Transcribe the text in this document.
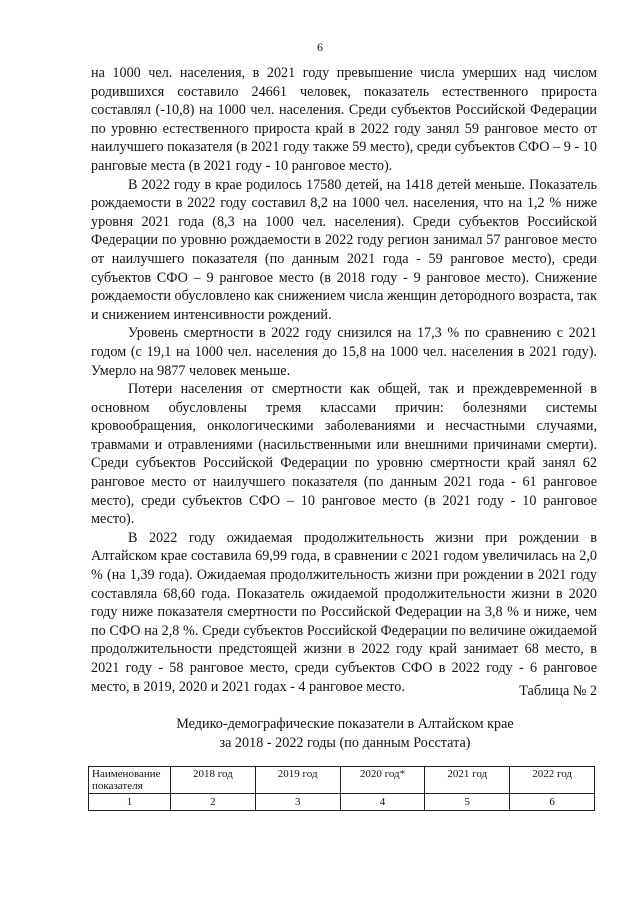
6

на 1000 чел. населения, в 2021 году превышение числа умерших над числом родившихся составило 24661 человек, показатель естественного прироста составлял (-10,8) на 1000 чел. населения. Среди субъектов Российской Федерации по уровню естественного прироста край в 2022 году занял 59 ранговое место от наилучшего показателя (в 2021 году также 59 место), среди субъектов СФО – 9 - 10 ранговые места (в 2021 году - 10 ранговое место).

В 2022 году в крае родилось 17580 детей, на 1418 детей меньше. Показатель рождаемости в 2022 году составил 8,2 на 1000 чел. населения, что на 1,2 % ниже уровня 2021 года (8,3 на 1000 чел. населения). Среди субъектов Российской Федерации по уровню рождаемости в 2022 году регион занимал 57 ранговое место от наилучшего показателя (по данным 2021 года - 59 ранговое место), среди субъектов СФО – 9 ранговое место (в 2018 году - 9 ранговое место). Снижение рождаемости обусловлено как снижением числа женщин детородного возраста, так и снижением интенсивности рождений.

Уровень смертности в 2022 году снизился на 17,3 % по сравнению с 2021 годом (с 19,1 на 1000 чел. населения до 15,8 на 1000 чел. населения в 2021 году). Умерло на 9877 человек меньше.

Потери населения от смертности как общей, так и преждевременной в основном обусловлены тремя классами причин: болезнями системы кровообращения, онкологическими заболеваниями и несчастными случаями, травмами и отравлениями (насильственными или внешними причинами смерти). Среди субъектов Российской Федерации по уровню смертности край занял 62 ранговое место от наилучшего показателя (по данным 2021 года - 61 ранговое место), среди субъектов СФО – 10 ранговое место (в 2021 году - 10 ранговое место).

В 2022 году ожидаемая продолжительность жизни при рождении в Алтайском крае составила 69,99 года, в сравнении с 2021 годом увеличилась на 2,0 % (на 1,39 года). Ожидаемая продолжительность жизни при рождении в 2021 году составляла 68,60 года. Показатель ожидаемой продолжительности жизни в 2020 году ниже показателя смертности по Российской Федерации на 3,8 % и ниже, чем по СФО на 2,8 %. Среди субъектов Российской Федерации по величине ожидаемой продолжительности предстоящей жизни в 2022 году край занимает 68 место, в 2021 году - 58 ранговое место, среди субъектов СФО в 2022 году - 6 ранговое место, в 2019, 2020 и 2021 годах - 4 ранговое место.	Таблица № 2
Медико-демографические показатели в Алтайском крае
за 2018 - 2022 годы (по данным Росстата)
Наименование показателя	2018 год	2019 год	2020 год*	2021 год	2022 год
1	2	3	4	5	6
